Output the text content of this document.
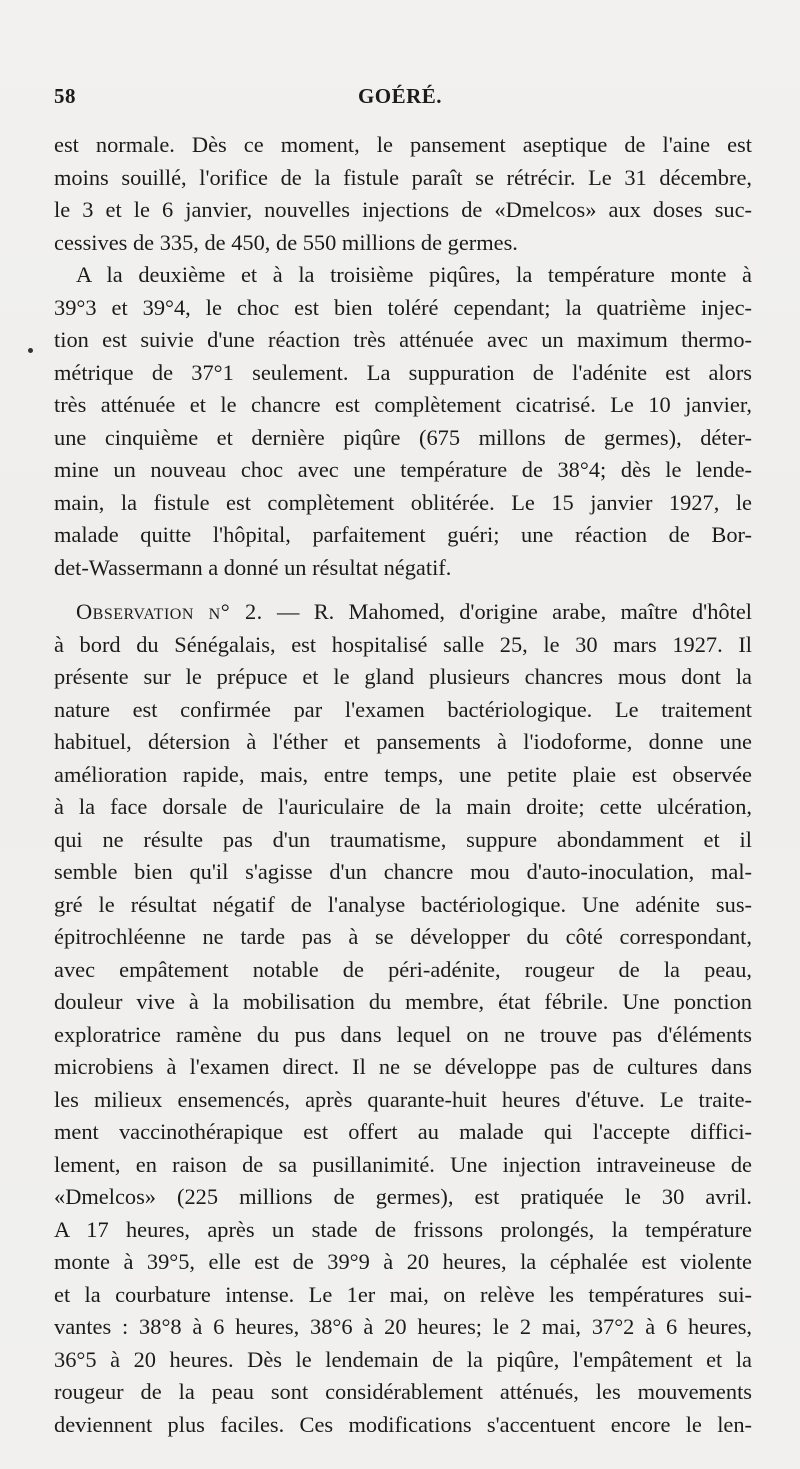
58	GOÉRÉ.
est normale. Dès ce moment, le pansement aseptique de l'aine est
moins souillé, l'orifice de la fistule paraît se rétrécir. Le 31 décembre,
le 3 et le 6 janvier, nouvelles injections de «Dmelcos» aux doses suc-
cessives de 335, de 450, de 550 millions de germes.
A la deuxième et à la troisième piqûres, la température monte à
39°3 et 39°4, le choc est bien toléré cependant; la quatrième injec-
tion est suivie d'une réaction très atténuée avec un maximum thermo-
métrique de 37°1 seulement. La suppuration de l'adénite est alors
très atténuée et le chancre est complètement cicatrisé. Le 10 janvier,
une cinquième et dernière piqûre (675 millons de germes), déter-
mine un nouveau choc avec une température de 38°4; dès le lende-
main, la fistule est complètement oblitérée. Le 15 janvier 1927, le
malade quitte l'hôpital, parfaitement guéri; une réaction de Bor-
det-Wassermann a donné un résultat négatif.
Observation n° 2. — R. Mahomed, d'origine arabe, maître d'hôtel
à bord du Sénégalais, est hospitalisé salle 25, le 30 mars 1927. Il
présente sur le prépuce et le gland plusieurs chancres mous dont la
nature est confirmée par l'examen bactériologique. Le traitement
habituel, détersion à l'éther et pansements à l'iodoforme, donne une
amélioration rapide, mais, entre temps, une petite plaie est observée
à la face dorsale de l'auriculaire de la main droite; cette ulcération,
qui ne résulte pas d'un traumatisme, suppure abondamment et il
semble bien qu'il s'agisse d'un chancre mou d'auto-inoculation, mal-
gré le résultat négatif de l'analyse bactériologique. Une adénite sus-
épitrochléenne ne tarde pas à se développer du côté correspondant,
avec empâtement notable de péri-adénite, rougeur de la peau,
douleur vive à la mobilisation du membre, état fébrile. Une ponction
exploratrice ramène du pus dans lequel on ne trouve pas d'éléments
microbiens à l'examen direct. Il ne se développe pas de cultures dans
les milieux ensemencés, après quarante-huit heures d'étuve. Le traite-
ment vaccinothérapique est offert au malade qui l'accepte diffici-
lement, en raison de sa pusillanimité. Une injection intraveineuse de
«Dmelcos» (225 millions de germes), est pratiquée le 30 avril.
A 17 heures, après un stade de frissons prolongés, la température
monte à 39°5, elle est de 39°9 à 20 heures, la céphalée est violente
et la courbature intense. Le 1er mai, on relève les températures sui-
vantes : 38°8 à 6 heures, 38°6 à 20 heures; le 2 mai, 37°2 à 6 heures,
36°5 à 20 heures. Dès le lendemain de la piqûre, l'empâtement et la
rougeur de la peau sont considérablement atténués, les mouvements
deviennent plus faciles. Ces modifications s'accentuent encore le len-
